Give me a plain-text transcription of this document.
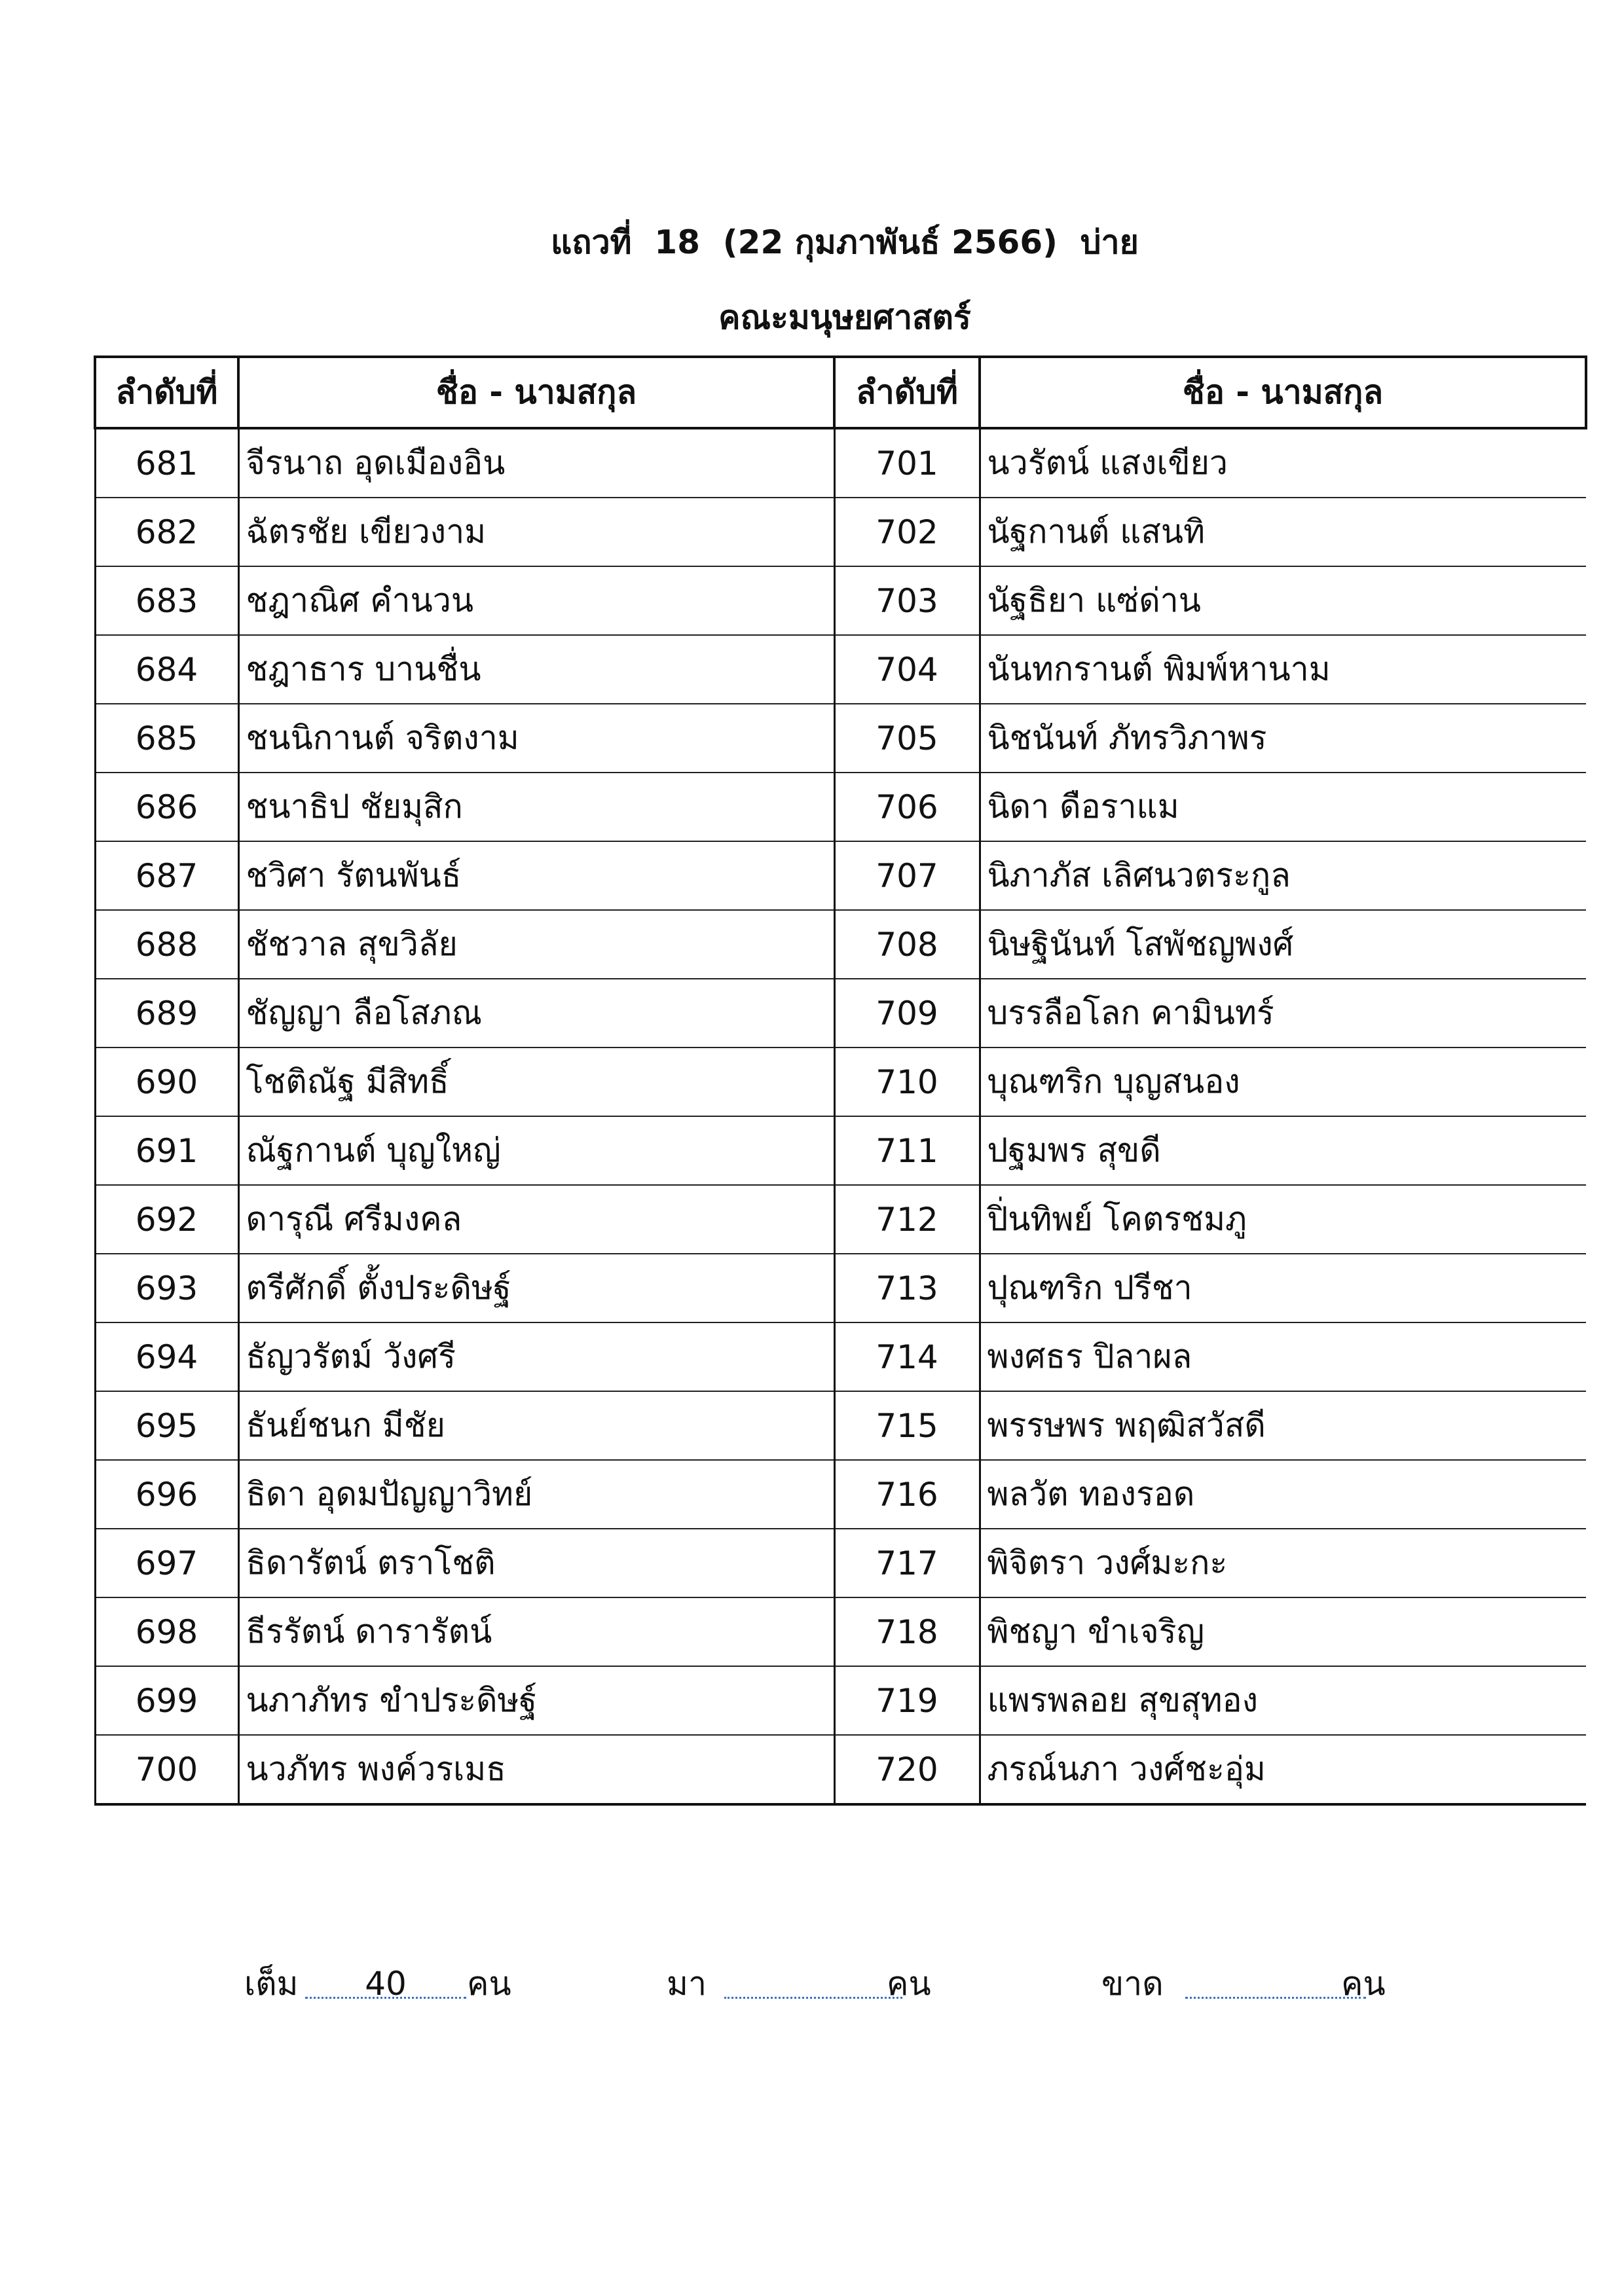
แถวที่  18  (22 กุมภาพันธ์ 2566)  บ่าย
คณะมนุษยศาสตร์
ลำดับที่	ชื่อ - นามสกุล	ลำดับที่	ชื่อ - นามสกุล
681	จีรนาถ อุดเมืองอิน	701	นวรัตน์ แสงเขียว
682	ฉัตรชัย เขียวงาม	702	นัฐกานต์ แสนทิ
683	ชฎาณิศ คำนวน	703	นัฐธิยา แซ่ด่าน
684	ชฎาธาร บานชื่น	704	นันทกรานต์ พิมพ์หานาม
685	ชนนิกานต์ จริตงาม	705	นิชนันท์ ภัทรวิภาพร
686	ชนาธิป ชัยมุสิก	706	นิดา ดือราแม
687	ชวิศา รัตนพันธ์	707	นิภาภัส เลิศนวตระกูล
688	ชัชวาล สุขวิลัย	708	นิษฐินันท์ โสพัชญพงศ์
689	ชัญญา ลือโสภณ	709	บรรลือโลก คามินทร์
690	โชติณัฐ มีสิทธิ์	710	บุณฑริก บุญสนอง
691	ณัฐกานต์ บุญใหญ่	711	ปฐมพร สุขดี
692	ดารุณี ศรีมงคล	712	ปิ่นทิพย์ โคตรชมภู
693	ตรีศักดิ์ ตั้งประดิษฐ์	713	ปุณฑริก ปรีชา
694	ธัญวรัตม์ วังศรี	714	พงศธร ปิลาผล
695	ธันย์ชนก มีชัย	715	พรรษพร พฤฒิสวัสดี
696	ธิดา อุดมปัญญาวิทย์	716	พลวัต ทองรอด
697	ธิดารัตน์ ตราโชติ	717	พิจิตรา วงศ์มะกะ
698	ธีรรัตน์ ดารารัตน์	718	พิชญา ขำเจริญ
699	นภาภัทร ขำประดิษฐ์	719	แพรพลอย สุขสุทอง
700	นวภัทร พงค์วรเมธ	720	ภรณ์นภา วงศ์ชะอุ่ม
เต็ม	40	คน	มา	คน	ขาด	คน
